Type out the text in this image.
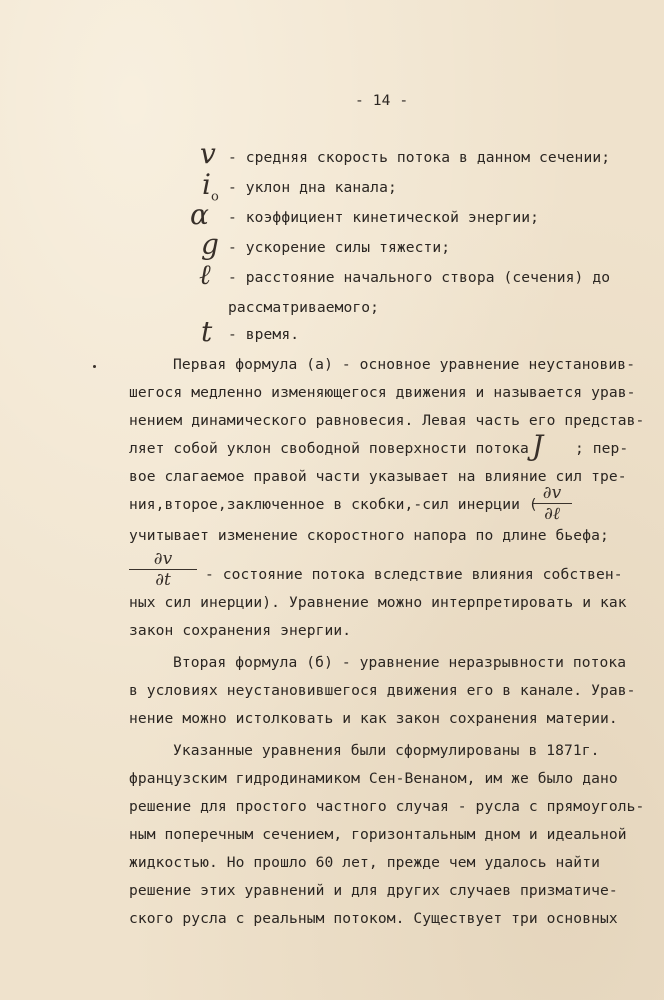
- 14 -
v - средняя скорость потока в данном сечении;
$i_o$
- уклон дна канала;
α - коэффициент кинетической энергии;
g - ускорение силы тяжести;
ℓ - расстояние начального створа (сечения) до
рассматриваемого;
t - время.
Первая формула (а) - основное уравнение неустановив-
шегося медленно изменяющегося движения и называется урав-
нением динамического равновесия. Левая часть его представ-
ляет собой уклон свободной поверхности потока J ; пер-
вое слагаемое правой части указывает на влияние сил тре-
ния,второе,заключенное в скобки,-сил инерции (
∂v
∂ℓ
учитывает изменение скоростного напора по длине бьефа;
∂v
∂t	- состояние потока вследствие влияния собствен-
ных сил инерции). Уравнение можно интерпретировать и как
закон сохранения энергии.
Вторая формула (б) - уравнение неразрывности потока
в условиях неустановившегося движения его в канале. Урав-
нение можно истолковать и как закон сохранения материи.
Указанные уравнения были сформулированы в 1871г.
французским гидродинамиком Сен-Венаном, им же было дано
решение для простого частного случая - русла с прямоуголь-
ным поперечным сечением, горизонтальным дном и идеальной
жидкостью. Но прошло 60 лет, прежде чем удалось найти
решение этих уравнений и для других случаев призматиче-
ского русла с реальным потоком. Существует три основных
